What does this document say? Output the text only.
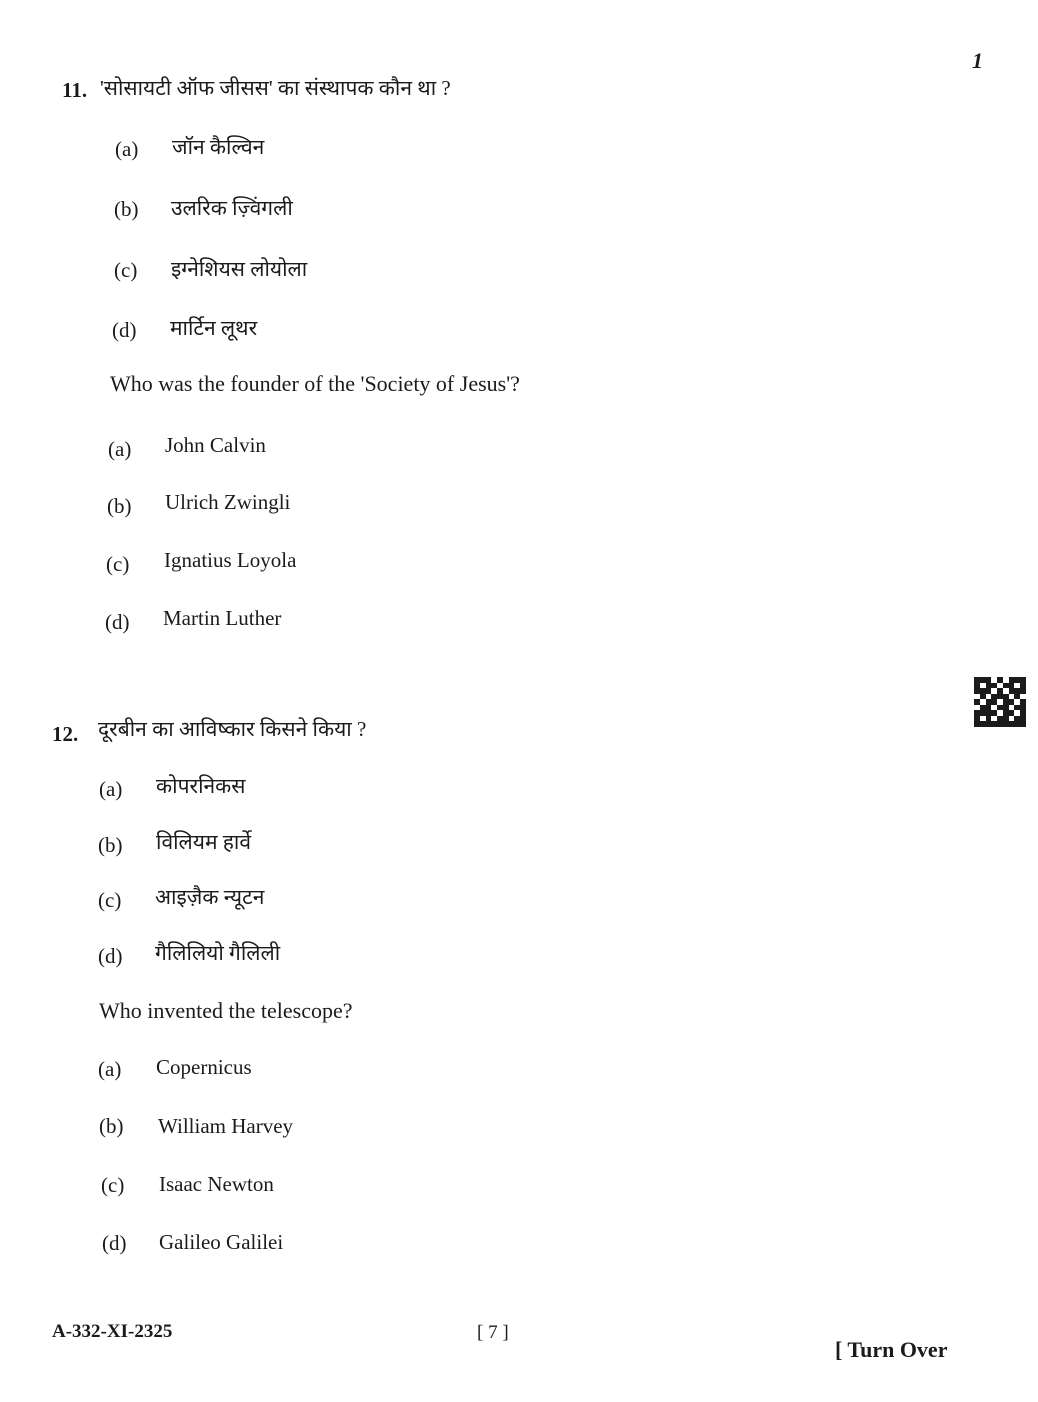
1
11. 'सोसायटी ऑफ जीसस' का संस्थापक कौन था ?
(a) जॉन कैल्विन
(b) उलरिक ज़्विंगली
(c) इग्नेशियस लोयोला
(d) मार्टिन लूथर
Who was the founder of the 'Society of Jesus'?
(a) John Calvin
(b) Ulrich Zwingli
(c) Ignatius Loyola
(d) Martin Luther
12. दूरबीन का आविष्कार किसने किया ?
(a) कोपरनिकस
(b) विलियम हार्वे
(c) आइज़ैक न्यूटन
(d) गैलिलियो गैलिली
Who invented the telescope?
(a) Copernicus
(b) William Harvey
(c) Isaac Newton
(d) Galileo Galilei
A-332-XI-2325	[ 7 ]
[ Turn Over
